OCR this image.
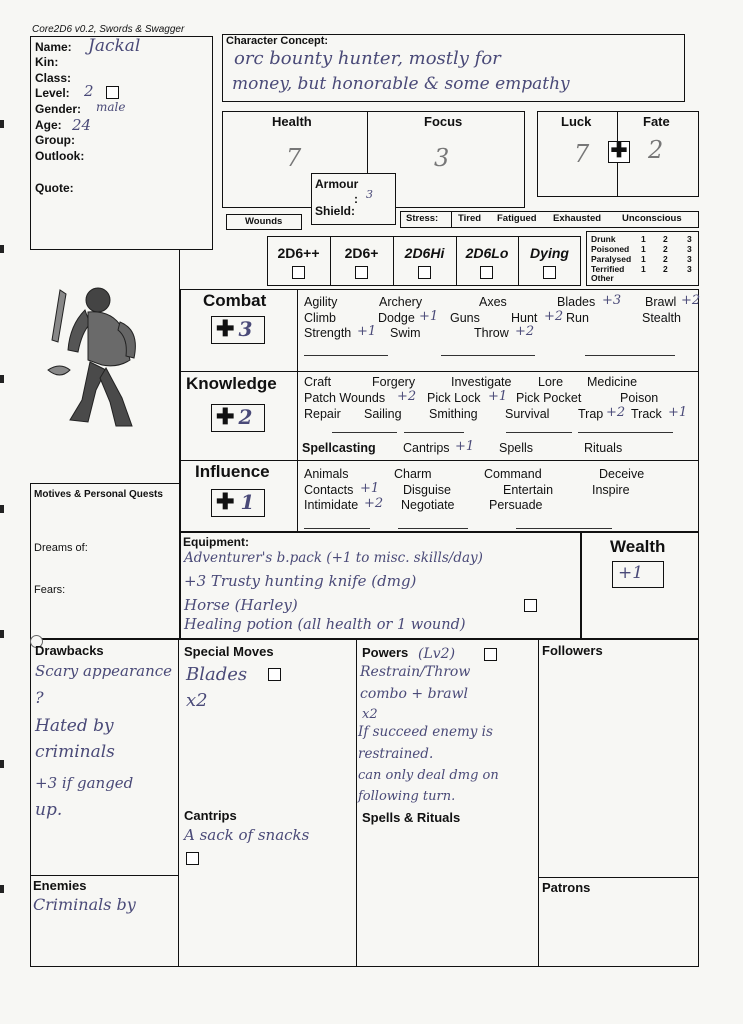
Core2D6 v0.2, Swords & Swagger
Name:
Kin:
Class:
Level:
Gender:
Age:
Group:
Outlook:
Quote:
Jackal
2
male
24
Character Concept:
orc bounty hunter, mostly for
money, but honorable & some empathy
Health	Focus
7	3
Armour
: 3
Shield:
Luck	Fate
7 ✚ 2
Wounds	Stress: Tired Fatigued Exhausted Unconscious
Drunk	1 2 3
Poisoned 1 2 3
Paralysed 1 2 3
Terrified 1 2 3
Other
2D6++	2D6+	2D6Hi	2D6Lo	Dying
Combat
✚ 3
Agility	Archery	Axes	Blades +3 Brawl +2
Climb	Dodge +1 Guns Hunt +2 Run	Stealth
Strength +1 Swim	Throw +2
Knowledge
✚ 2
Craft	Forgery	Investigate Lore Medicine
Patch Wounds +2 Pick Lock +1 Pick Pocket	Poison
Repair Sailing Smithing Survival Trap +2 Track +1
Spellcasting Cantrips +1 Spells	Rituals
Influence
✚ 1
Animals	Charm	Command	Deceive
Contacts +1 Disguise	Entertain	Inspire
Intimidate +2 Negotiate	Persuade
Motives & Personal Quests
Dreams of:
Fears:
Equipment:
Adventurer's b.pack (+1 to misc. skills/day)
+3 Trusty hunting knife (dmg)
Horse (Harley)
Healing potion (all health or 1 wound)
Wealth
+1
Drawbacks
Scary appearance
?
Hated by
criminals
+3 if ganged
up.
Enemies
Criminals by
Special Moves
Blades
x2
Cantrips
A sack of snacks
Powers (Lv2)
Restrain/Throw
combo + brawl
x2
If succeed enemy is
restrained.
can only deal dmg on
following turn.
Spells & Rituals
Followers
Patrons
